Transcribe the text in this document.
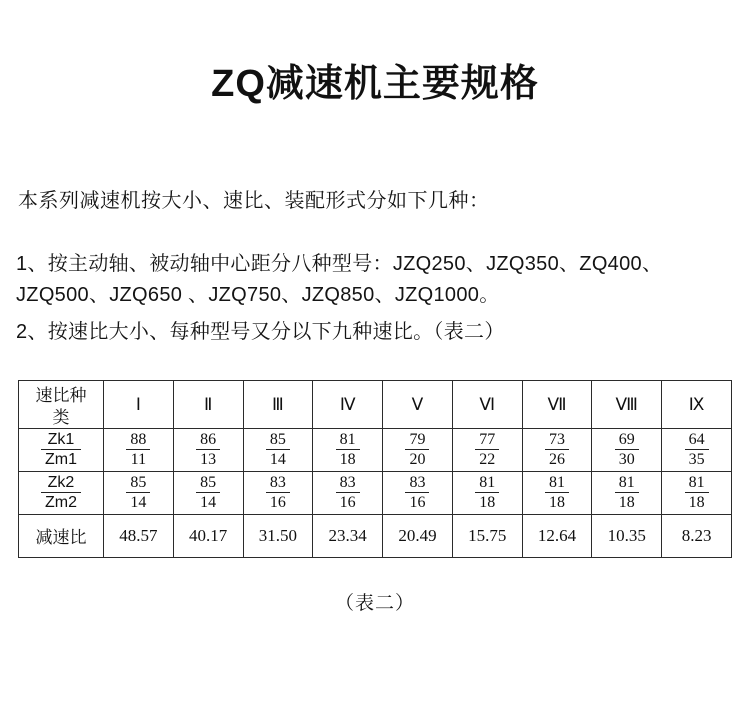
ZQ减速机主要规格

本系列减速机按大小、速比、装配形式分如下几种：

1、按主动轴、被动轴中心距分八种型号：JZQ250、JZQ350、ZQ400、JZQ500、JZQ650 、JZQ750、JZQ850、JZQ1000。

2、按速比大小、每种型号又分以下九种速比。（表二）

速比种
类	Ⅰ	Ⅱ	Ⅲ	Ⅳ	Ⅴ	Ⅵ	Ⅶ	Ⅷ	Ⅸ

$\frac{Zk1}{Zm1}$	$\frac{88}{11}$	$\frac{86}{13}$	$\frac{85}{14}$	$\frac{81}{18}$	$\frac{79}{20}$	$\frac{77}{22}$	$\frac{73}{26}$	$\frac{69}{30}$	$\frac{64}{35}$

$\frac{Zk2}{Zm2}$	$\frac{85}{14}$	$\frac{85}{14}$	$\frac{83}{16}$	$\frac{83}{16}$	$\frac{83}{16}$	$\frac{81}{18}$	$\frac{81}{18}$	$\frac{81}{18}$	$\frac{81}{18}$

减速比	48.57	40.17	31.50	23.34	20.49	15.75	12.64	10.35	8.23
（表二）
